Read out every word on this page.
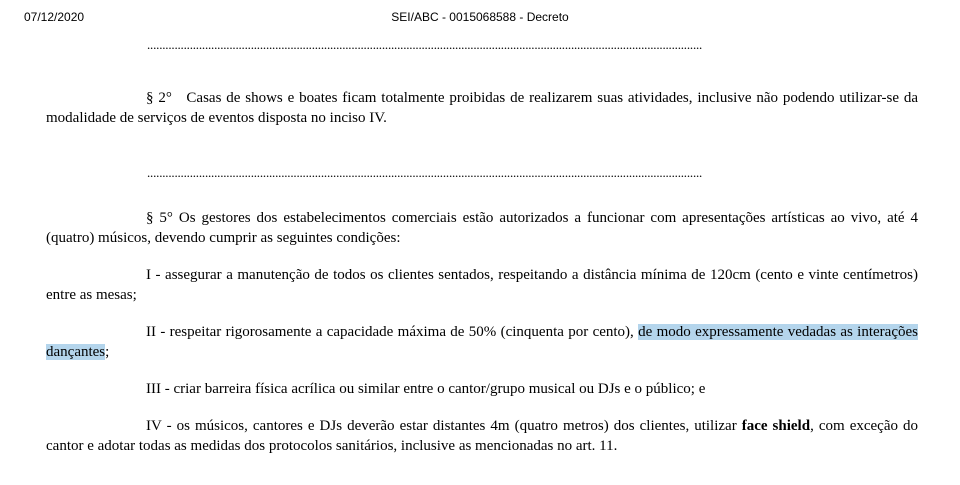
07/12/2020	SEI/ABC - 0015068588 - Decreto
......................................................................................................................................................................................

§ 2° Casas de shows e boates ficam totalmente proibidas de realizarem suas atividades, inclusive não podendo utilizar-se da modalidade de serviços de eventos disposta no inciso IV.

......................................................................................................................................................................................

§ 5° Os gestores dos estabelecimentos comerciais estão autorizados a funcionar com apresentações artísticas ao vivo, até 4 (quatro) músicos, devendo cumprir as seguintes condições:

I - assegurar a manutenção de todos os clientes sentados, respeitando a distância mínima de 120cm (cento e vinte centímetros) entre as mesas;

II - respeitar rigorosamente a capacidade máxima de 50% (cinquenta por cento), de modo expressamente vedadas as interações dançantes;

III - criar barreira física acrílica ou similar entre o cantor/grupo musical ou DJs e o público; e

IV - os músicos, cantores e DJs deverão estar distantes 4m (quatro metros) dos clientes, utilizar face shield, com exceção do cantor e adotar todas as medidas dos protocolos sanitários, inclusive as mencionadas no art. 11.
